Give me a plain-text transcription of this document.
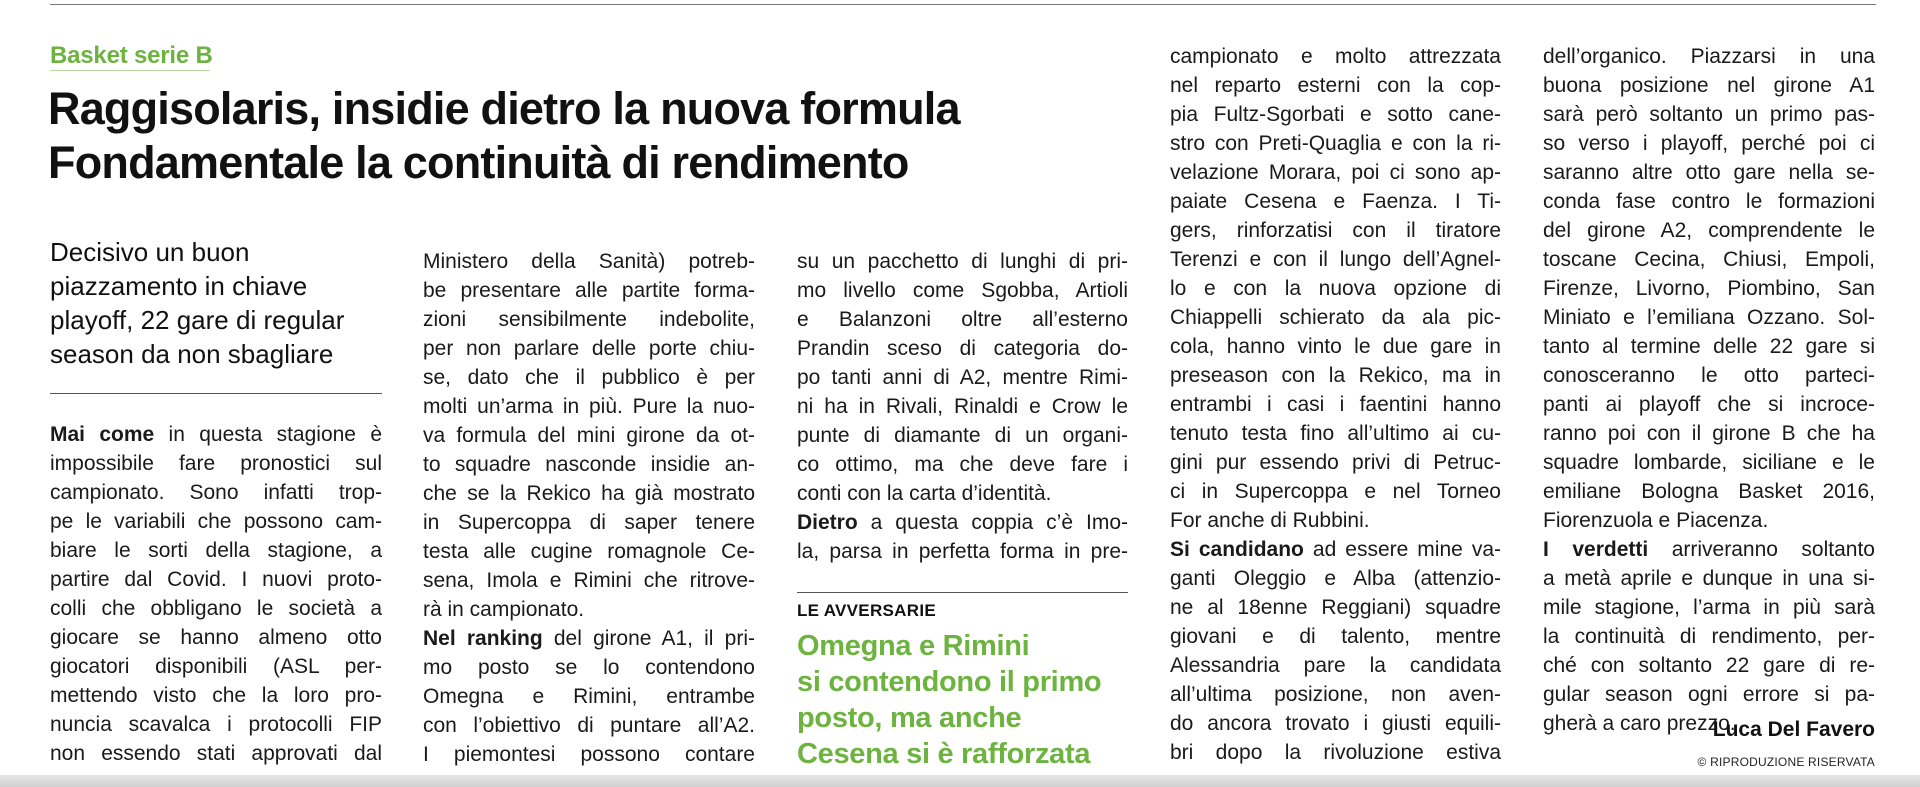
Basket serie B
Raggisolaris, insidie dietro la nuova formula
Fondamentale la continuità di rendimento
Decisivo un buon
piazzamento in chiave
playoff, 22 gare di regular
season da non sbagliare
Mai come in questa stagione è
impossibile fare pronostici sul
campionato. Sono infatti trop-
pe le variabili che possono cam-
biare le sorti della stagione, a
partire dal Covid. I nuovi proto-
colli che obbligano le società a
giocare se hanno almeno otto
giocatori disponibili (ASL per-
mettendo visto che la loro pro-
nuncia scavalca i protocolli FIP
non essendo stati approvati dal
Ministero della Sanità) potreb-
be presentare alle partite forma-
zioni sensibilmente indebolite,
per non parlare delle porte chiu-
se, dato che il pubblico è per
molti un’arma in più. Pure la nuo-
va formula del mini girone da ot-
to squadre nasconde insidie an-
che se la Rekico ha già mostrato
in Supercoppa di saper tenere
testa alle cugine romagnole Ce-
sena, Imola e Rimini che ritrove-
rà in campionato.
Nel ranking del girone A1, il pri-
mo posto se lo contendono
Omegna e Rimini, entrambe
con l’obiettivo di puntare all’A2.
I piemontesi possono contare
su un pacchetto di lunghi di pri-
mo livello come Sgobba, Artioli
e Balanzoni oltre all’esterno
Prandin sceso di categoria do-
po tanti anni di A2, mentre Rimi-
ni ha in Rivali, Rinaldi e Crow le
punte di diamante di un organi-
co ottimo, ma che deve fare i
conti con la carta d’identità.
Dietro a questa coppia c’è Imo-
la, parsa in perfetta forma in pre-
LE AVVERSARIE
Omegna e Rimini
si contendono il primo
posto, ma anche
Cesena si è rafforzata
campionato e molto attrezzata
nel reparto esterni con la cop-
pia Fultz-Sgorbati e sotto cane-
stro con Preti-Quaglia e con la ri-
velazione Morara, poi ci sono ap-
paiate Cesena e Faenza. I Ti-
gers, rinforzatisi con il tiratore
Terenzi e con il lungo dell’Agnel-
lo e con la nuova opzione di
Chiappelli schierato da ala pic-
cola, hanno vinto le due gare in
preseason con la Rekico, ma in
entrambi i casi i faentini hanno
tenuto testa fino all’ultimo ai cu-
gini pur essendo privi di Petruc-
ci in Supercoppa e nel Torneo
For anche di Rubbini.
Si candidano ad essere mine va-
ganti Oleggio e Alba (attenzio-
ne al 18enne Reggiani) squadre
giovani e di talento, mentre
Alessandria pare la candidata
all’ultima posizione, non aven-
do ancora trovato i giusti equili-
bri dopo la rivoluzione estiva
dell’organico. Piazzarsi in una
buona posizione nel girone A1
sarà però soltanto un primo pas-
so verso i playoff, perché poi ci
saranno altre otto gare nella se-
conda fase contro le formazioni
del girone A2, comprendente le
toscane Cecina, Chiusi, Empoli,
Firenze, Livorno, Piombino, San
Miniato e l’emiliana Ozzano. Sol-
tanto al termine delle 22 gare si
conosceranno le otto parteci-
panti ai playoff che si incroce-
ranno poi con il girone B che ha
squadre lombarde, siciliane e le
emiliane Bologna Basket 2016,
Fiorenzuola e Piacenza.
I verdetti arriveranno soltanto
a metà aprile e dunque in una si-
mile stagione, l’arma in più sarà
la continuità di rendimento, per-
ché con soltanto 22 gare di re-
gular season ogni errore si pa-
gherà a caro prezzo.
Luca Del Favero
© RIPRODUZIONE RISERVATA
